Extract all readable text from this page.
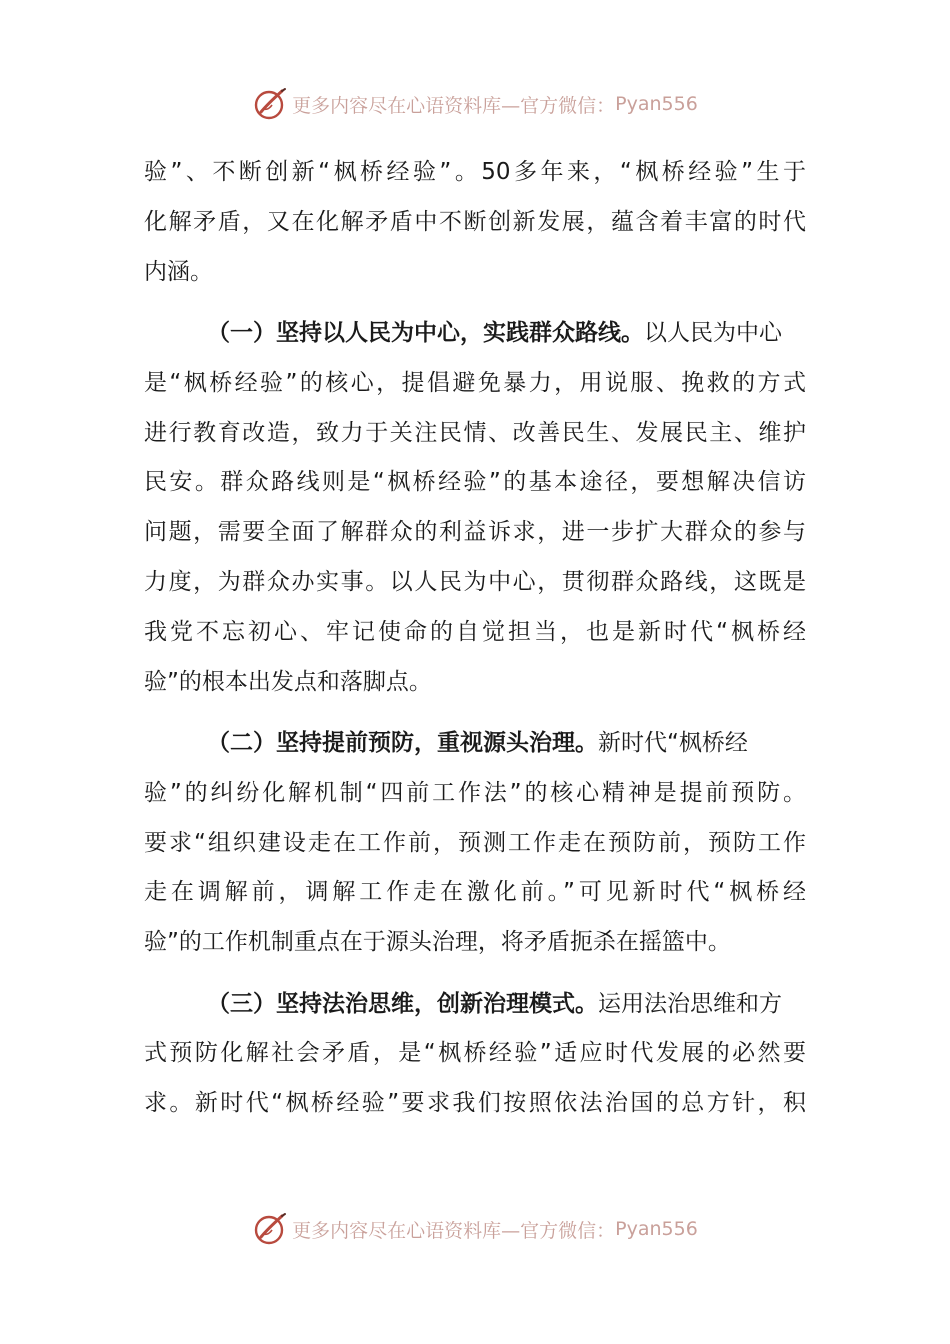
更多内容尽在心语资料库—官方微信： Pyan556
验”、不断创新“枫桥经验”。50多年来，“枫桥经验”生于
化解矛盾，又在化解矛盾中不断创新发展，蕴含着丰富的时代
内涵。
（一）坚持以人民为中心，实践群众路线。以人民为中心
是“枫桥经验”的核心，提倡避免暴力，用说服、挽救的方式
进行教育改造，致力于关注民情、改善民生、发展民主、维护
民安。群众路线则是“枫桥经验”的基本途径，要想解决信访
问题，需要全面了解群众的利益诉求，进一步扩大群众的参与
力度，为群众办实事。以人民为中心，贯彻群众路线，这既是
我党不忘初心、牢记使命的自觉担当，也是新时代“枫桥经
验”的根本出发点和落脚点。
（二）坚持提前预防，重视源头治理。新时代“枫桥经
验”的纠纷化解机制“四前工作法”的核心精神是提前预防。
要求“组织建设走在工作前，预测工作走在预防前，预防工作
走在调解前，调解工作走在激化前。”可见新时代“枫桥经
验”的工作机制重点在于源头治理，将矛盾扼杀在摇篮中。
（三）坚持法治思维，创新治理模式。运用法治思维和方
式预防化解社会矛盾，是“枫桥经验”适应时代发展的必然要
求。新时代“枫桥经验”要求我们按照依法治国的总方针，积
更多内容尽在心语资料库—官方微信： Pyan556
